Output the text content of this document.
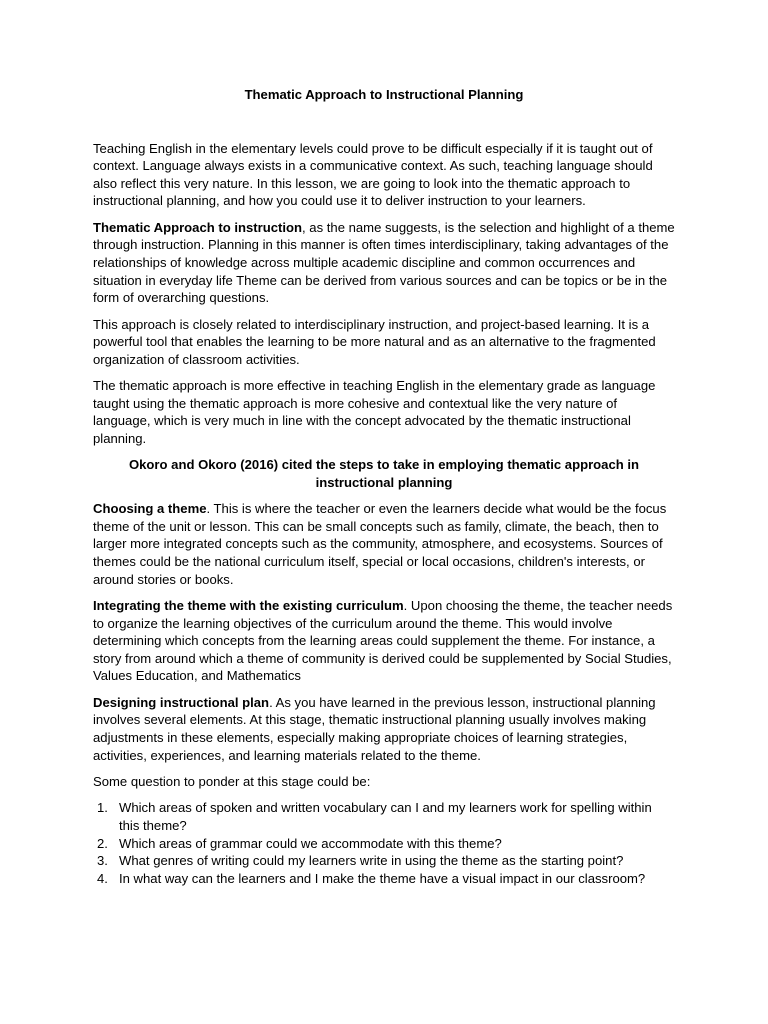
Thematic Approach to Instructional Planning

Teaching English in the elementary levels could prove to be difficult especially if it is taught out of context. Language always exists in a communicative context. As such, teaching language should also reflect this very nature. In this lesson, we are going to look into the thematic approach to instructional planning, and how you could use it to deliver instruction to your learners.

Thematic Approach to instruction, as the name suggests, is the selection and highlight of a theme through instruction. Planning in this manner is often times interdisciplinary, taking advantages of the relationships of knowledge across multiple academic discipline and common occurrences and situation in everyday life Theme can be derived from various sources and can be topics or be in the form of overarching questions.

This approach is closely related to interdisciplinary instruction, and project-based learning. It is a powerful tool that enables the learning to be more natural and as an alternative to the fragmented organization of classroom activities.

The thematic approach is more effective in teaching English in the elementary grade as language taught using the thematic approach is more cohesive and contextual like the very nature of language, which is very much in line with the concept advocated by the thematic instructional planning.

Okoro and Okoro (2016) cited the steps to take in employing thematic approach in instructional planning

Choosing a theme. This is where the teacher or even the learners decide what would be the focus theme of the unit or lesson. This can be small concepts such as family, climate, the beach, then to larger more integrated concepts such as the community, atmosphere, and ecosystems. Sources of themes could be the national curriculum itself, special or local occasions, children's interests, or around stories or books.

Integrating the theme with the existing curriculum. Upon choosing the theme, the teacher needs to organize the learning objectives of the curriculum around the theme. This would involve determining which concepts from the learning areas could supplement the theme. For instance, a story from around which a theme of community is derived could be supplemented by Social Studies, Values Education, and Mathematics

Designing instructional plan. As you have learned in the previous lesson, instructional planning involves several elements. At this stage, thematic instructional planning usually involves making adjustments in these elements, especially making appropriate choices of learning strategies, activities, experiences, and learning materials related to the theme.

Some question to ponder at this stage could be:

1. Which areas of spoken and written vocabulary can I and my learners work for spelling within this theme?
2. Which areas of grammar could we accommodate with this theme?
3. What genres of writing could my learners write in using the theme as the starting point?
4. In what way can the learners and I make the theme have a visual impact in our classroom?
